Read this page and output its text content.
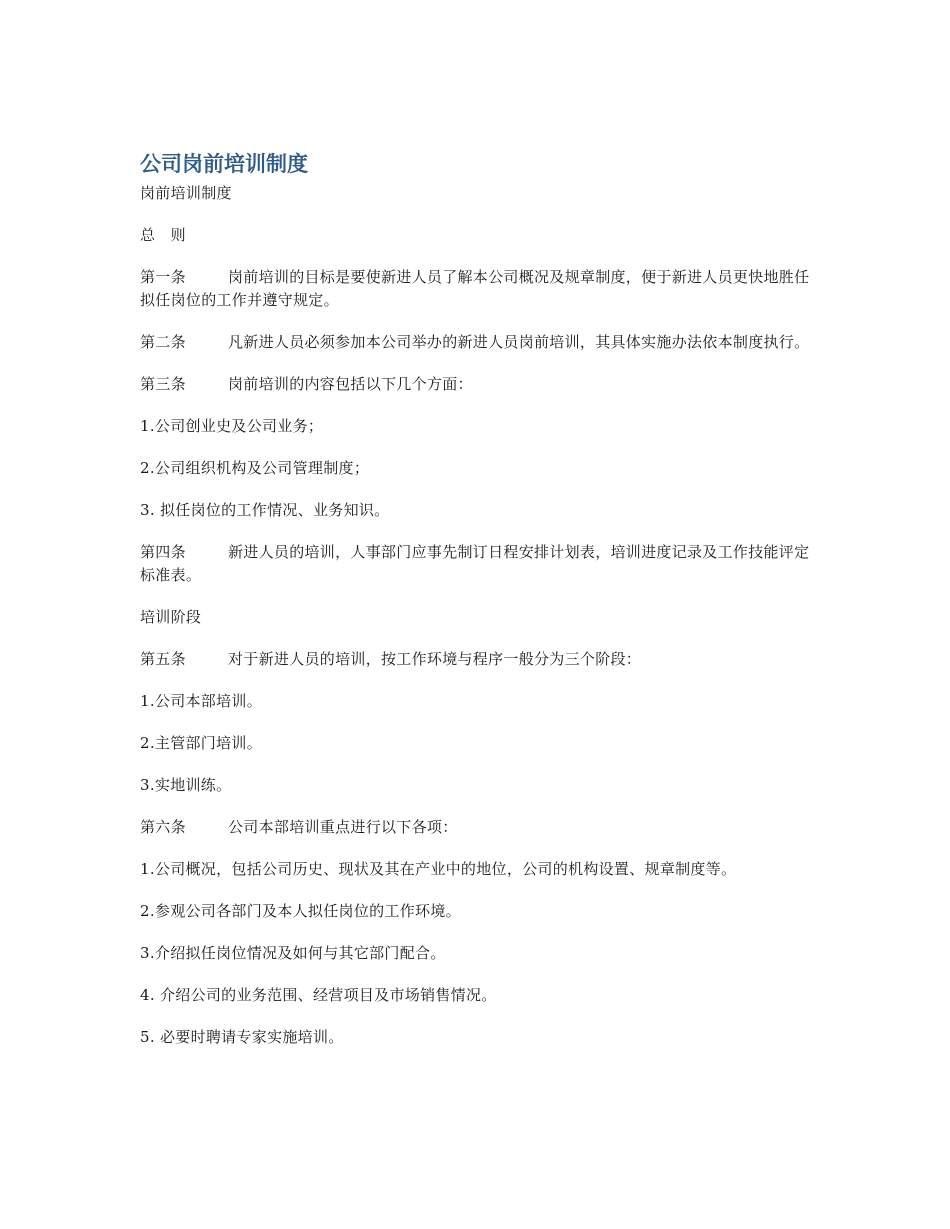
公司岗前培训制度

岗前培训制度

总　则

第一条	岗前培训的目标是要使新进人员了解本公司概况及规章制度，便于新进人员更快地胜任拟任岗位的工作并遵守规定。

第二条	凡新进人员必须参加本公司举办的新进人员岗前培训，其具体实施办法依本制度执行。

第三条	岗前培训的内容包括以下几个方面：

1.公司创业史及公司业务；

2.公司组织机构及公司管理制度；

3. 拟任岗位的工作情况、业务知识。

第四条	新进人员的培训，人事部门应事先制订日程安排计划表，培训进度记录及工作技能评定标准表。

培训阶段

第五条	对于新进人员的培训，按工作环境与程序一般分为三个阶段：

1.公司本部培训。

2.主管部门培训。

3.实地训练。

第六条	公司本部培训重点进行以下各项：

1.公司概况，包括公司历史、现状及其在产业中的地位，公司的机构设置、规章制度等。

2.参观公司各部门及本人拟任岗位的工作环境。

3.介绍拟任岗位情况及如何与其它部门配合。

4. 介绍公司的业务范围、经营项目及市场销售情况。

5. 必要时聘请专家实施培训。
